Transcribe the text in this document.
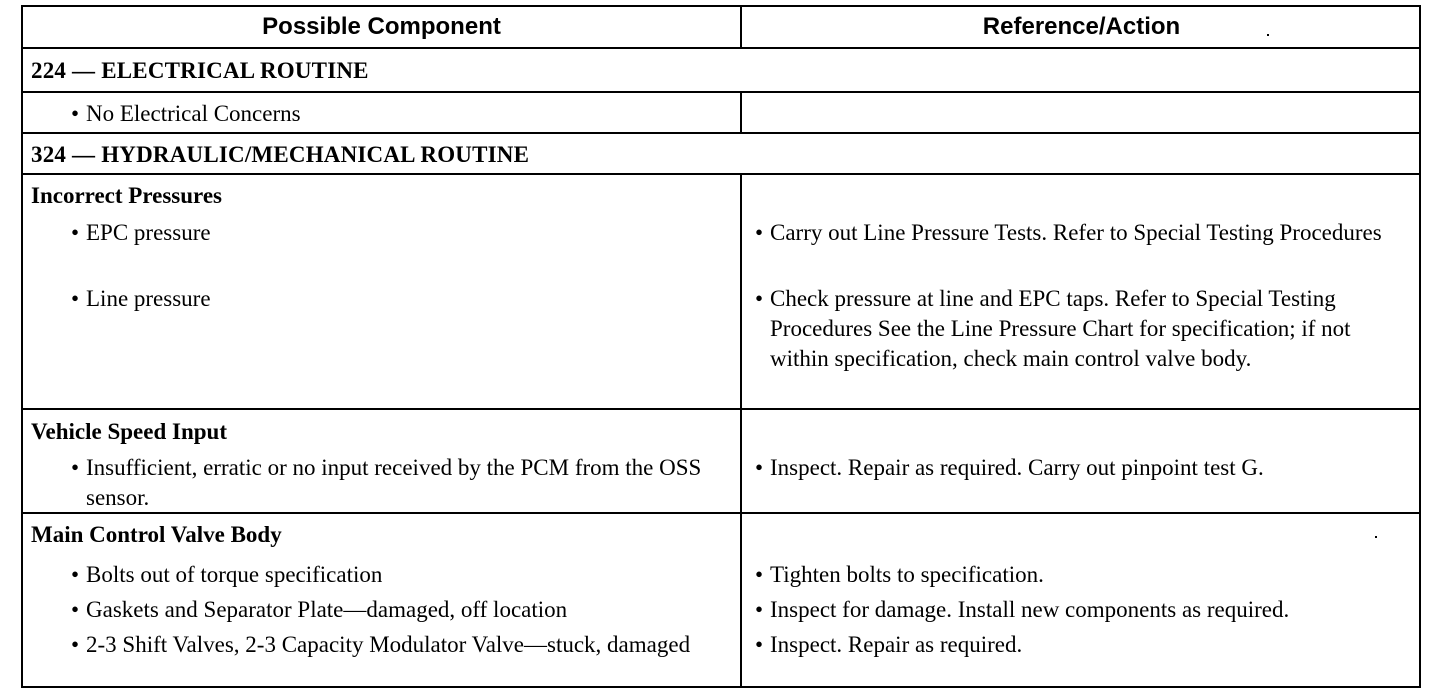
Possible Component	Reference/Action
224 — ELECTRICAL ROUTINE
• No Electrical Concerns
324 — HYDRAULIC/MECHANICAL ROUTINE
Incorrect Pressures
• EPC pressure
• Line pressure
• Carry out Line Pressure Tests. Refer to Special Testing Procedures
• Check pressure at line and EPC taps. Refer to Special Testing Procedures See the Line Pressure Chart for specification; if not within specification, check main control valve body.
Vehicle Speed Input
• Insufficient, erratic or no input received by the PCM from the OSS sensor.
• Inspect. Repair as required. Carry out pinpoint test G.
Main Control Valve Body
• Bolts out of torque specification
• Gaskets and Separator Plate—damaged, off location
• 2-3 Shift Valves, 2-3 Capacity Modulator Valve—stuck, damaged
• Tighten bolts to specification.
• Inspect for damage. Install new components as required.
• Inspect. Repair as required.
